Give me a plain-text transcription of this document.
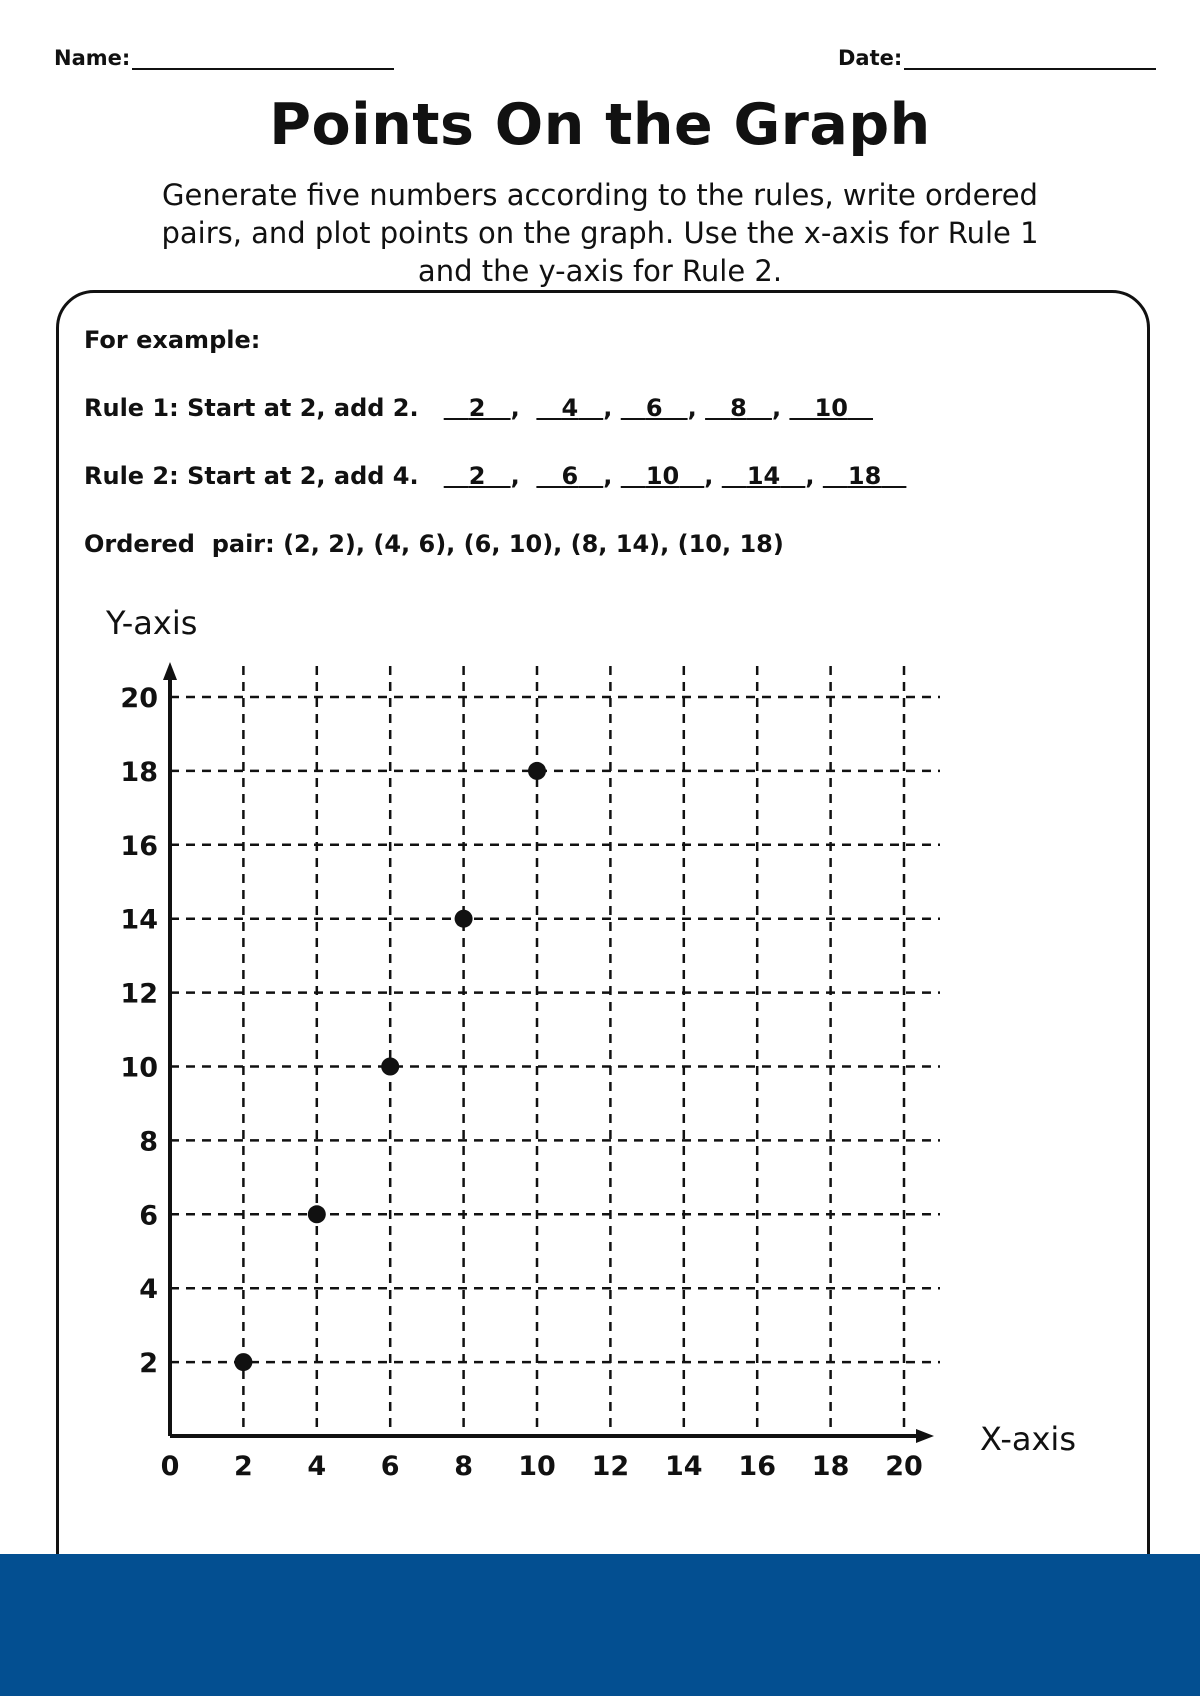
Name:	Date:
Points On the Graph
Generate five numbers according to the rules, write ordered pairs, and plot points on the graph. Use the x-axis for Rule 1 and the y-axis for Rule 2.
For example:
Rule 1: Start at 2, add 2. 2 ,     4 ,    6 ,    8 ,    10
Rule 2: Start at 2, add 4. 2 ,     6 ,    10 ,    14 ,    18
Ordered  pair: (2, 2), (4, 6), (6, 10), (8, 14), (10, 18)
Y-axis
X-axis
0 2 4 6 8 10 12 14 16 18 20
2
4
6
8
10
12
14
16
18
20
